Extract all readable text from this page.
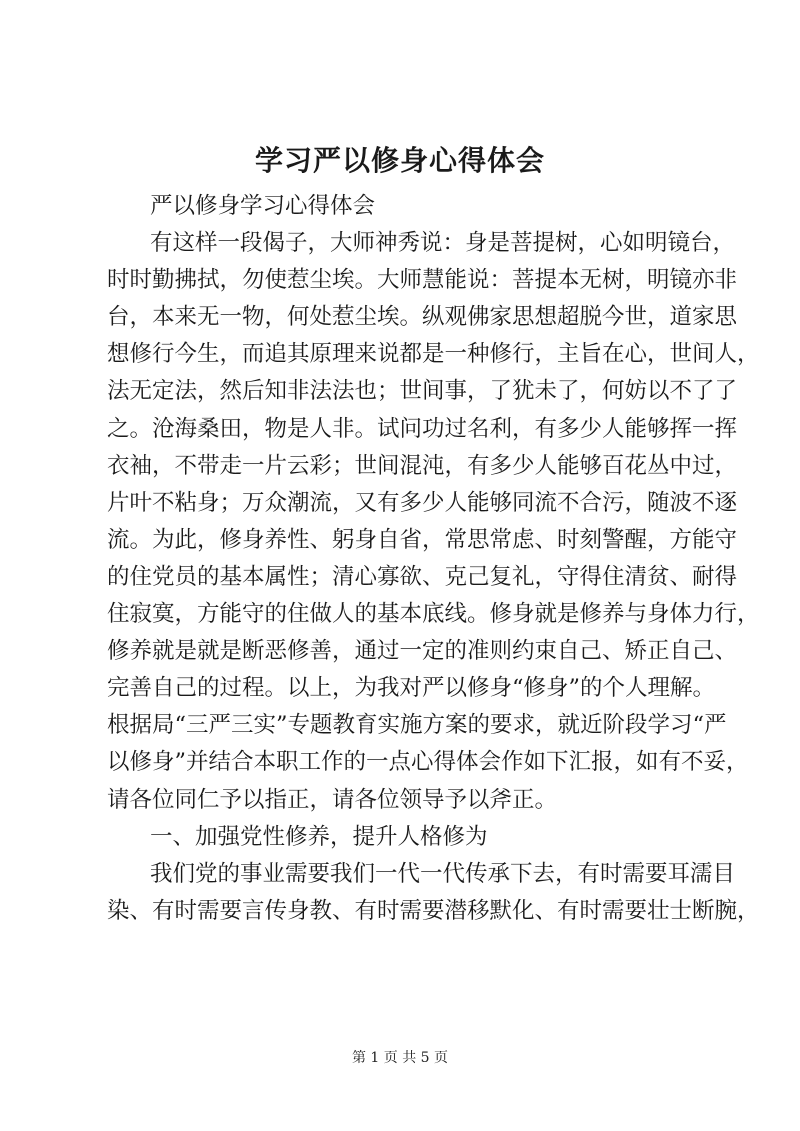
学习严以修身心得体会
严以修身学习心得体会
有这样一段偈子，大师神秀说：身是菩提树，心如明镜台，
时时勤拂拭，勿使惹尘埃。大师慧能说：菩提本无树，明镜亦非
台，本来无一物，何处惹尘埃。纵观佛家思想超脱今世，道家思
想修行今生，而追其原理来说都是一种修行，主旨在心，世间人，
法无定法，然后知非法法也；世间事，了犹未了，何妨以不了了
之。沧海桑田，物是人非。试问功过名利，有多少人能够挥一挥
衣袖，不带走一片云彩；世间混沌，有多少人能够百花丛中过，
片叶不粘身；万众潮流，又有多少人能够同流不合污，随波不逐
流。为此，修身养性、躬身自省，常思常虑、时刻警醒，方能守
的住党员的基本属性；清心寡欲、克己复礼，守得住清贫、耐得
住寂寞，方能守的住做人的基本底线。修身就是修养与身体力行，
修养就是就是断恶修善，通过一定的准则约束自己、矫正自己、
完善自己的过程。以上，为我对严以修身“修身”的个人理解。
根据局“三严三实”专题教育实施方案的要求，就近阶段学习“严
以修身”并结合本职工作的一点心得体会作如下汇报，如有不妥，
请各位同仁予以指正，请各位领导予以斧正。
一、加强党性修养，提升人格修为
我们党的事业需要我们一代一代传承下去，有时需要耳濡目
染、有时需要言传身教、有时需要潜移默化、有时需要壮士断腕，
第 1 页 共 5 页
